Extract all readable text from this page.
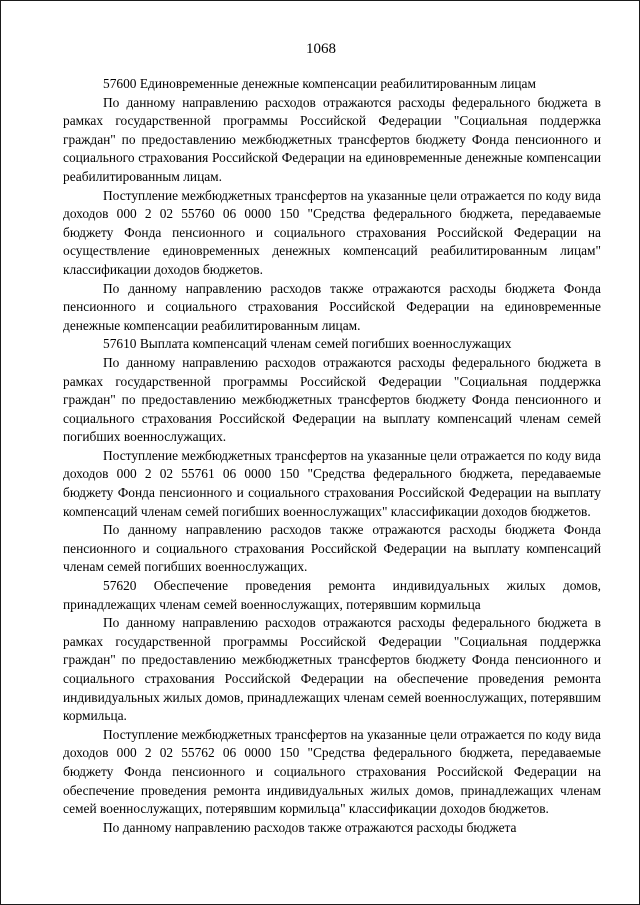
1068

57600 Единовременные денежные компенсации реабилитированным лицам

По данному направлению расходов отражаются расходы федерального бюджета в рамках государственной программы Российской Федерации "Социальная поддержка граждан" по предоставлению межбюджетных трансфертов бюджету Фонда пенсионного и социального страхования Российской Федерации на единовременные денежные компенсации реабилитированным лицам.

Поступление межбюджетных трансфертов на указанные цели отражается по коду вида доходов 000 2 02 55760 06 0000 150 "Средства федерального бюджета, передаваемые бюджету Фонда пенсионного и социального страхования Российской Федерации на осуществление единовременных денежных компенсаций реабилитированным лицам" классификации доходов бюджетов.

По данному направлению расходов также отражаются расходы бюджета Фонда пенсионного и социального страхования Российской Федерации на единовременные денежные компенсации реабилитированным лицам.

57610 Выплата компенсаций членам семей погибших военнослужащих

По данному направлению расходов отражаются расходы федерального бюджета в рамках государственной программы Российской Федерации "Социальная поддержка граждан" по предоставлению межбюджетных трансфертов бюджету Фонда пенсионного и социального страхования Российской Федерации на выплату компенсаций членам семей погибших военнослужащих.

Поступление межбюджетных трансфертов на указанные цели отражается по коду вида доходов 000 2 02 55761 06 0000 150 "Средства федерального бюджета, передаваемые бюджету Фонда пенсионного и социального страхования Российской Федерации на выплату компенсаций членам семей погибших военнослужащих" классификации доходов бюджетов.

По данному направлению расходов также отражаются расходы бюджета Фонда пенсионного и социального страхования Российской Федерации на выплату компенсаций членам семей погибших военнослужащих.

57620 Обеспечение проведения ремонта индивидуальных жилых домов, принадлежащих членам семей военнослужащих, потерявшим кормильца

По данному направлению расходов отражаются расходы федерального бюджета в рамках государственной программы Российской Федерации "Социальная поддержка граждан" по предоставлению межбюджетных трансфертов бюджету Фонда пенсионного и социального страхования Российской Федерации на обеспечение проведения ремонта индивидуальных жилых домов, принадлежащих членам семей военнослужащих, потерявшим кормильца.

Поступление межбюджетных трансфертов на указанные цели отражается по коду вида доходов 000 2 02 55762 06 0000 150 "Средства федерального бюджета, передаваемые бюджету Фонда пенсионного и социального страхования Российской Федерации на обеспечение проведения ремонта индивидуальных жилых домов, принадлежащих членам семей военнослужащих, потерявшим кормильца" классификации доходов бюджетов.

По данному направлению расходов также отражаются расходы бюджета
